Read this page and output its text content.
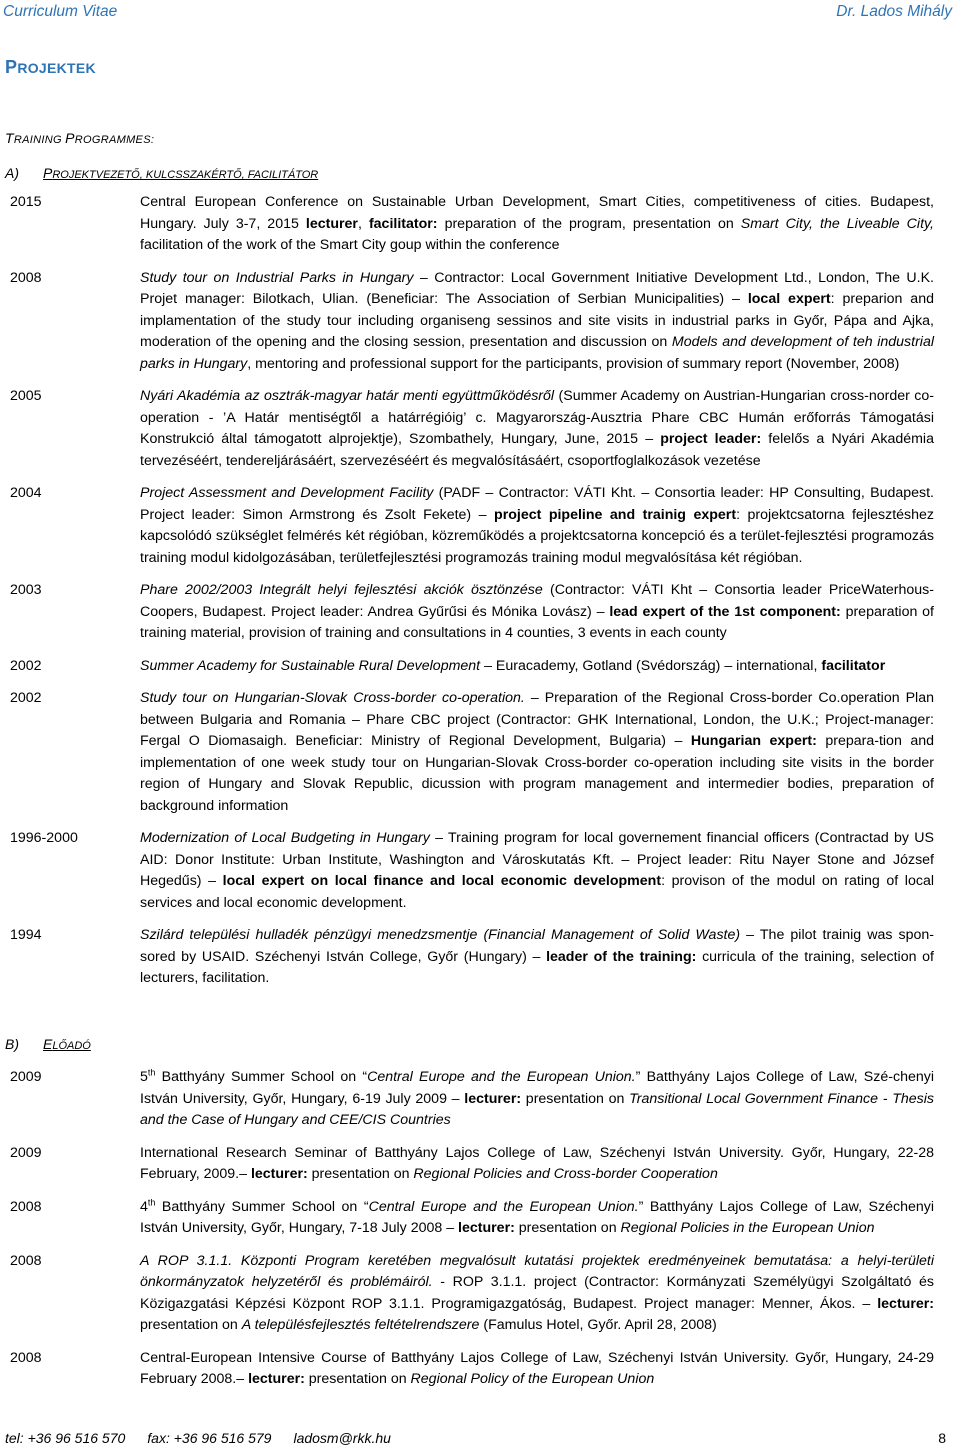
Curriculum Vitae	Dr. Lados Mihály
PROJEKTEK
TRAINING PROGRAMMES:
A) PROJEKTVEZETŐ, KULCSSZAKÉRTŐ, FACILITÁTOR
2015	Central European Conference on Sustainable Urban Development, Smart Cities, competitiveness of cities. Budapest, Hungary. July 3-7, 2015 lecturer, facilitator: preparation of the program, presentation on Smart City, the Liveable City, facilitation of the work of the Smart City goup within the conference
2008	Study tour on Industrial Parks in Hungary – Contractor: Local Government Initiative Development Ltd., London, The U.K. Projet manager: Bilotkach, Ulian. (Beneficiar: The Association of Serbian Municipalities) – local expert: preparion and implamentation of the study tour including organiseng sessinos and site visits in industrial parks in Győr, Pápa and Ajka, moderation of the opening and the closing session, presentation and discussion on Models and development of teh industrial parks in Hungary, mentoring and professional support for the participants, provision of summary report (November, 2008)
2005	Nyári Akadémia az osztrák-magyar határ menti együttműködésről (Summer Academy on Austrian-Hungarian cross-norder co-operation - ’A Határ mentiségtől a határrégióig’ c. Magyarország-Ausztria Phare CBC Humán erőforrás Támogatási Konstrukció által támogatott alprojektje), Szombathely, Hungary, June, 2015 – project leader: felelős a Nyári Akadémia tervezéséért, tendereljárásáért, szervezéséért és megvalósításáért, csoportfoglalkozások vezetése
2004	Project Assessment and Development Facility (PADF – Contractor: VÁTI Kht. – Consortia leader: HP Consulting, Budapest. Project leader: Simon Armstrong és Zsolt Fekete) – project pipeline and trainig expert: projektcsatorna fejlesztéshez kapcsolódó szükséglet felmérés két régióban, közreműködés a projektcsatorna koncepció és a terület-fejlesztési programozás training modul kidolgozásában, területfejlesztési programozás training modul megvalósítása két régióban.
2003	Phare 2002/2003 Integrált helyi fejlesztési akciók ösztönzése (Contractor: VÁTI Kht – Consortia leader PriceWaterhous-Coopers, Budapest. Project leader: Andrea Gyűrűsi és Mónika Lovász) – lead expert of the 1st component: preparation of training material, provision of training and consultations in 4 counties, 3 events in each county
2002	Summer Academy for Sustainable Rural Development – Euracademy, Gotland (Svédország) – international, facilitator
2002	Study tour on Hungarian-Slovak Cross-border co-operation. – Preparation of the Regional Cross-border Co.operation Plan between Bulgaria and Romania – Phare CBC project (Contractor: GHK International, London, the U.K.; Project-manager: Fergal O Diomasaigh. Beneficiar: Ministry of Regional Development, Bulgaria) – Hungarian expert: prepara-tion and implementation of one week study tour on Hungarian-Slovak Cross-border co-operation including site visits in the border region of Hungary and Slovak Republic, dicussion with program management and intermedier bodies, preparation of background information
1996-2000	Modernization of Local Budgeting in Hungary – Training program for local governement financial officers (Contractad by US AID: Donor Institute: Urban Institute, Washington and Városkutatás Kft. – Project leader: Ritu Nayer Stone and József Hegedűs) – local expert on local finance and local economic development: provison of the modul on rating of local services and local economic development.
1994	Szilárd települési hulladék pénzügyi menedzsmentje (Financial Management of Solid Waste) – The pilot trainig was spon-sored by USAID. Széchenyi István College, Győr (Hungary) – leader of the training: curricula of the training, selection of lecturers, facilitation.
B) ELŐADÓ
2009	5th Batthyány Summer School on “Central Europe and the European Union.” Batthyány Lajos College of Law, Szé-chenyi István University, Győr, Hungary, 6-19 July 2009 – lecturer: presentation on Transitional Local Government Finance - Thesis and the Case of Hungary and CEE/CIS Countries
2009	International Research Seminar of Batthyány Lajos College of Law, Széchenyi István University. Győr, Hungary, 22-28 February, 2009.– lecturer: presentation on Regional Policies and Cross-border Cooperation
2008	4th Batthyány Summer School on “Central Europe and the European Union.” Batthyány Lajos College of Law, Széchenyi István University, Győr, Hungary, 7-18 July 2008 – lecturer: presentation on Regional Policies in the European Union
2008	A ROP 3.1.1. Központi Program keretében megvalósult kutatási projektek eredményeinek bemutatása: a helyi-területi önkormányzatok helyzetéről és problémáiról. - ROP 3.1.1. project (Contractor: Kormányzati Személyügyi Szolgáltató és Közigazgatási Képzési Központ ROP 3.1.1. Programigazgatóság, Budapest. Project manager: Menner, Ákos. – lecturer: presentation on A településfejlesztés feltételrendszere (Famulus Hotel, Győr. April 28, 2008)
2008	Central-European Intensive Course of Batthyány Lajos College of Law, Széchenyi István University. Győr, Hungary, 24-29 February 2008.– lecturer: presentation on Regional Policy of the European Union
tel: +36 96 516 570 fax: +36 96 516 579 ladosm@rkk.hu	8
